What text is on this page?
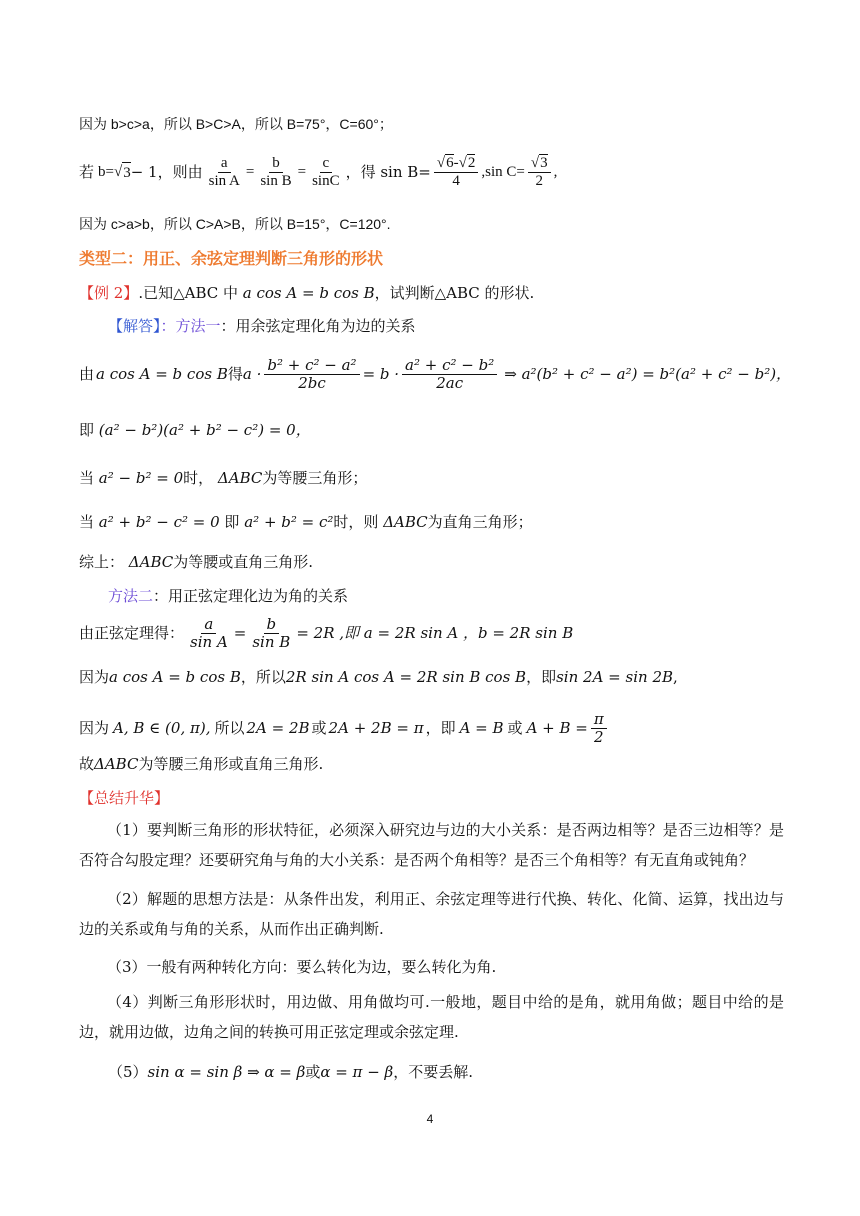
因为 b>c>a，所以 B>C>A，所以 B=75°，C=60°；
若 b = √ 3 − 1，则由 $\frac{a}{\text{sin A}} = \frac{b}{\text{sin B}} = \frac{c}{\sin C}$ ，得 $\sin B= \frac{√6-√2}{4} ,\sin$ $C= \frac{√3}{2}$ ,
因为 c>a>b，所以 C>A>B，所以 B=15°，C=120°.
类型二：用正、余弦定理判断三角形的形状
【例 2】.已知△ABC 中 a cos A = b cos B，试判断△ABC 的形状.
【解答】：方法一：用余弦定理化角为边的关系
由 a cos A = b cos B 得 $a \cdot \frac{\text{b² + c² − a²}}{2bc} = b \cdot \frac{\text{a² + c² − b²}}{2ac}$ ⇒ a²(b² + c² − a²) = b²(a² + c² − b²)，
即 (a² − b²)(a² + b² − c²) = 0，
当 a² − b² = 0时， ΔABC为等腰三角形；
当 a² + b² − c² = 0 即 a² + b² = c²时，则 ΔABC为直角三角形；
综上： ΔABC为等腰或直角三角形.
方法二：用正弦定理化边为角的关系
由正弦定理得： $\frac{a}{\text{sin A}} = \frac{b}{\text{sin B}} = 2R$ ,即 a = 2R sin A ，b = 2R sin B
因为a cos A = b cos B，所以2R sin A cos A = 2R sin B cos B，即sin 2A = sin 2B,
因为 A, B ∈ (0, π), 所以 2A = 2B 或 2A + 2B = π ，即 A = B 或 $A + B = \frac{\pi}{2}$
故ΔABC为等腰三角形或直角三角形.
【总结升华】
（1）要判断三角形的形状特征，必须深入研究边与边的大小关系：是否两边相等？是否三边相等？是否符合勾股定理？还要研究角与角的大小关系：是否两个角相等？是否三个角相等？有无直角或钝角？
（2）解题的思想方法是：从条件出发，利用正、余弦定理等进行代换、转化、化简、运算，找出边与边的关系或角与角的关系，从而作出正确判断.
（3）一般有两种转化方向：要么转化为边，要么转化为角.
（4）判断三角形形状时，用边做、用角做均可.一般地，题目中给的是角，就用角做；题目中给的是边，就用边做，边角之间的转换可用正弦定理或余弦定理.
（5）sin α = sin β ⇒ α = β或α = π − β，不要丢解.
4
